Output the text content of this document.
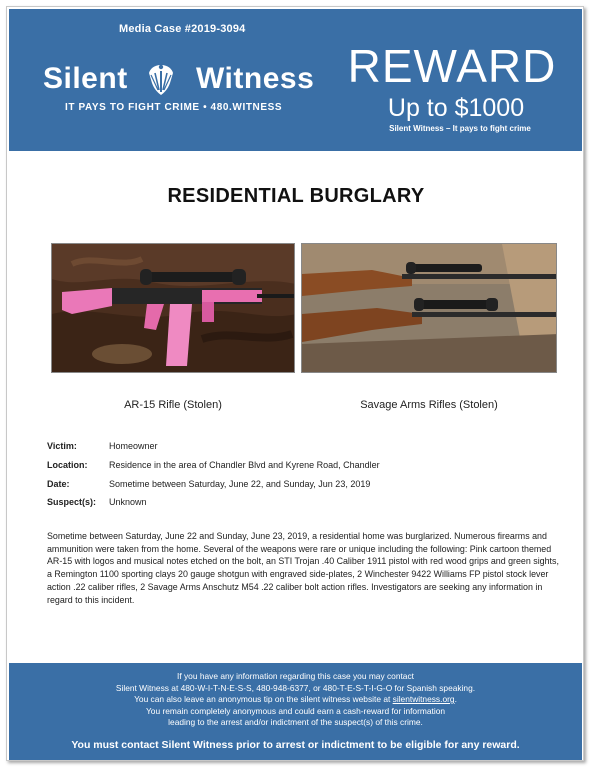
Media Case #2019-3094
Silent Witness
IT PAYS TO FIGHT CRIME • 480.WITNESS
REWARD
Up to $1000
Silent Witness – It pays to fight crime
RESIDENTIAL BURGLARY
AR-15 Rifle (Stolen)	Savage Arms Rifles (Stolen)
Victim:	Homeowner
Location:	Residence in the area of Chandler Blvd and Kyrene Road, Chandler
Date:	Sometime between Saturday, June 22, and Sunday, Jun 23, 2019
Suspect(s):	Unknown
Sometime between Saturday, June 22 and Sunday, June 23, 2019, a residential home was burglarized. Numerous firearms and ammunition were taken from the home. Several of the weapons were rare or unique including the following: Pink cartoon themed AR-15 with logos and musical notes etched on the bolt, an STI Trojan .40 Caliber 1911 pistol with red wood grips and green sights, a Remington 1100 sporting clays 20 gauge shotgun with engraved side-plates, 2 Winchester 9422 Williams FP pistol stock lever action .22 caliber rifles, 2 Savage Arms Anschutz M54 .22 caliber bolt action rifles. Investigators are seeking any information in regard to this incident.
If you have any information regarding this case you may contact
Silent Witness at 480-W-I-T-N-E-S-S, 480-948-6377, or 480-T-E-S-T-I-G-O for Spanish speaking.
You can also leave an anonymous tip on the silent witness website at silentwitness.org.
You remain completely anonymous and could earn a cash-reward for information
leading to the arrest and/or indictment of the suspect(s) of this crime.
You must contact Silent Witness prior to arrest or indictment to be eligible for any reward.
